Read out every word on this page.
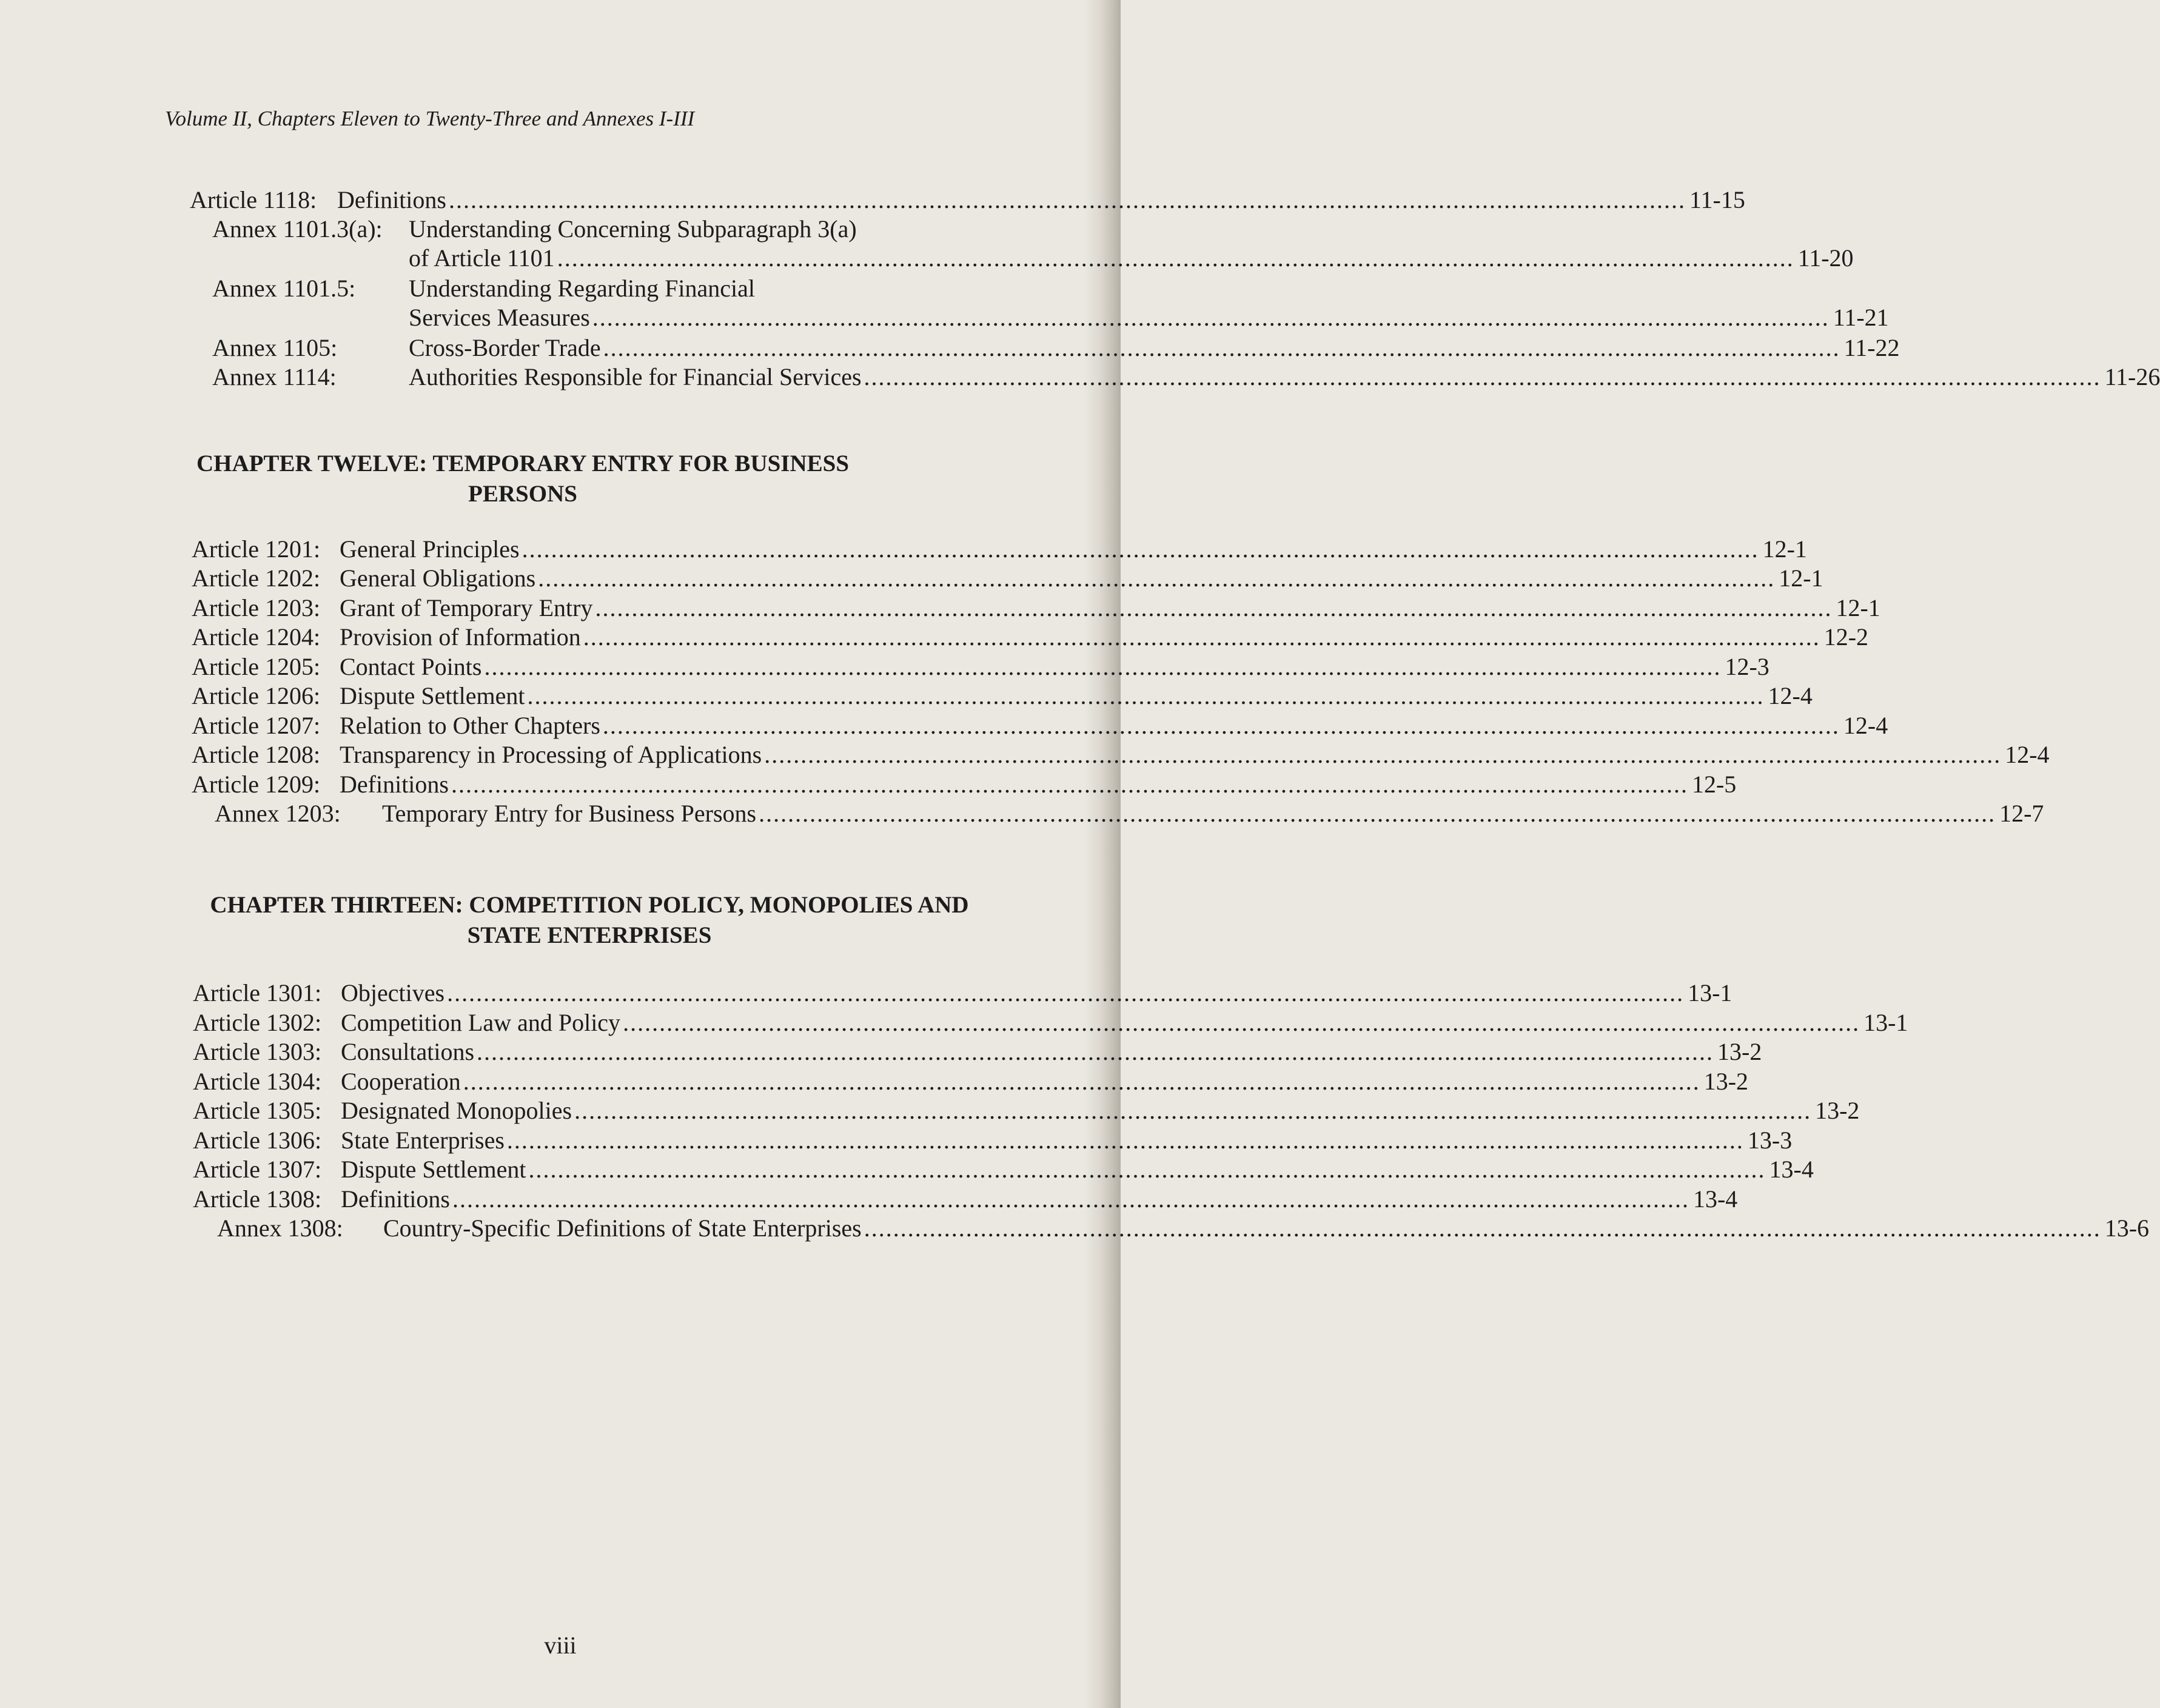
Volume II, Chapters Eleven to Twenty-Three and Annexes I-III
CHAPTER TWELVE: TEMPORARY ENTRY FOR BUSINESS
PERSONS
CHAPTER THIRTEEN: COMPETITION POLICY, MONOPOLIES AND
STATE ENTERPRISES
Article 1118: Definitions .......................................................................................................................................................................... 11-15
Annex 1101.3(a): Understanding Concerning Subparagraph 3(a)
of Article 1101 .......................................................................................................................................................................... 11-20
Annex 1101.5: Understanding Regarding Financial
Services Measures .......................................................................................................................................................................... 11-21
Annex 1105:	Cross-Border Trade .......................................................................................................................................................................... 11-22
Annex 1114:	Authorities Responsible for Financial Services .......................................................................................................................................................................... 11-26
Article 1201: General Principles .......................................................................................................................................................................... 12-1
Article 1202: General Obligations .......................................................................................................................................................................... 12-1
Article 1203: Grant of Temporary Entry .......................................................................................................................................................................... 12-1
Article 1204: Provision of Information .......................................................................................................................................................................... 12-2
Article 1205: Contact Points .......................................................................................................................................................................... 12-3
Article 1206: Dispute Settlement .......................................................................................................................................................................... 12-4
Article 1207: Relation to Other Chapters .......................................................................................................................................................................... 12-4
Article 1208: Transparency in Processing of Applications .......................................................................................................................................................................... 12-4
Article 1209: Definitions .......................................................................................................................................................................... 12-5
Annex 1203: Temporary Entry for Business Persons .......................................................................................................................................................................... 12-7
Article 1301: Objectives .......................................................................................................................................................................... 13-1
Article 1302: Competition Law and Policy .......................................................................................................................................................................... 13-1
Article 1303: Consultations .......................................................................................................................................................................... 13-2
Article 1304: Cooperation .......................................................................................................................................................................... 13-2
Article 1305: Designated Monopolies .......................................................................................................................................................................... 13-2
Article 1306: State Enterprises .......................................................................................................................................................................... 13-3
Article 1307: Dispute Settlement .......................................................................................................................................................................... 13-4
Article 1308: Definitions .......................................................................................................................................................................... 13-4
Annex 1308: Country-Specific Definitions of State Enterprises .......................................................................................................................................................................... 13-6
viii
